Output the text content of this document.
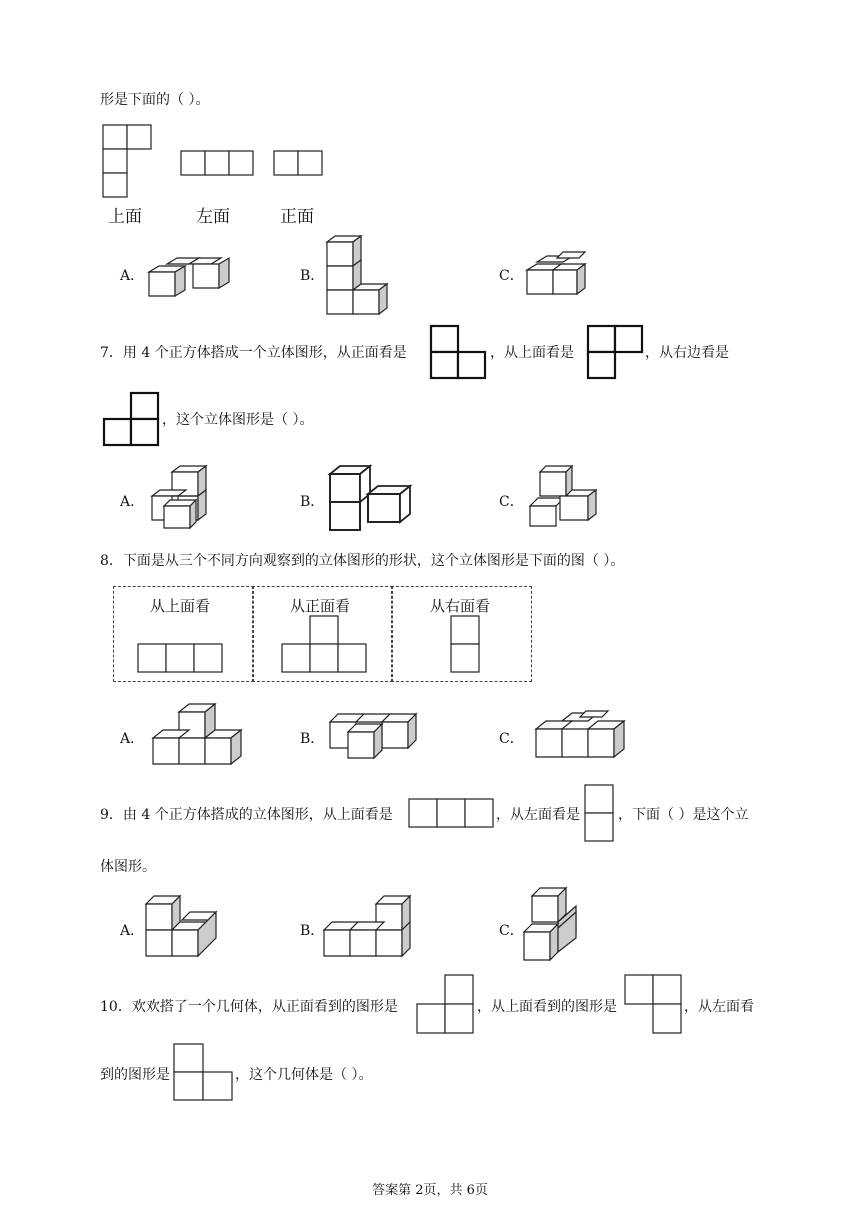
形是下面的（ ）。
上面	左面	正面
A．	B．	C．
7．用 4 个正方体搭成一个立体图形，从正面看是	，从上面看是	，从右边看是
，这个立体图形是（ ）。
A．	B．	C．
8．下面是从三个不同方向观察到的立体图形的形状，这个立体图形是下面的图（ ）。
从上面看	从正面看	从右面看
A．	B．	C．
9．由 4 个正方体搭成的立体图形，从上面看是	，从左面看是	，下面（ ）是这个立
体图形。
A．	B．	C．
10．欢欢搭了一个几何体，从正面看到的图形是	，从上面看到的图形是	，从左面看
到的图形是	，这个几何体是（ ）。
答案第 2页，共 6页
